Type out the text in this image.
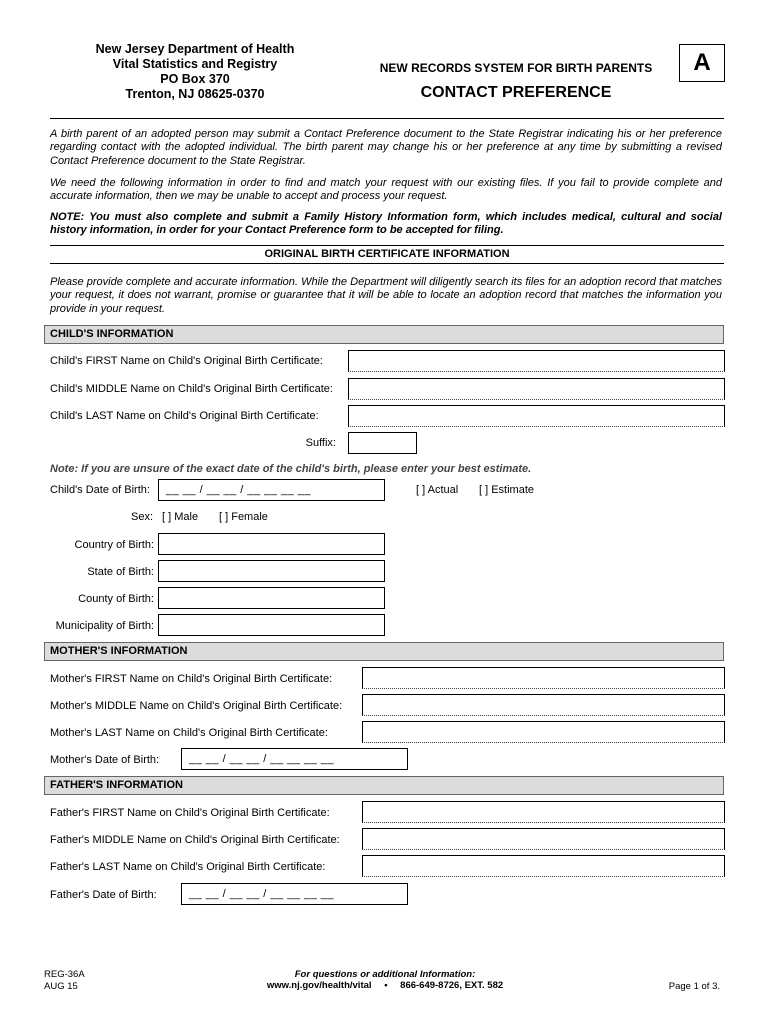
New Jersey Department of Health
Vital Statistics and Registry
PO Box 370
Trenton, NJ 08625-0370
NEW RECORDS SYSTEM FOR BIRTH PARENTS
CONTACT PREFERENCE
A
A birth parent of an adopted person may submit a Contact Preference document to the State Registrar indicating his or her preference regarding contact with the adopted individual. The birth parent may change his or her preference at any time by submitting a revised Contact Preference document to the State Registrar.
We need the following information in order to find and match your request with our existing files. If you fail to provide complete and accurate information, then we may be unable to accept and process your request.
NOTE: You must also complete and submit a Family History Information form, which includes medical, cultural and social history information, in order for your Contact Preference form to be accepted for filing.
ORIGINAL BIRTH CERTIFICATE INFORMATION
Please provide complete and accurate information. While the Department will diligently search its files for an adoption record that matches your request, it does not warrant, promise or guarantee that it will be able to locate an adoption record that matches the information you provide in your request.
CHILD'S INFORMATION
Child's FIRST Name on Child's Original Birth Certificate:
Child's MIDDLE Name on Child's Original Birth Certificate:
Child's LAST Name on Child's Original Birth Certificate:
Suffix:
Note: If you are unsure of the exact date of the child's birth, please enter your best estimate.
Child's Date of Birth:	__ __ / __ __ / __ __ __ __	[ ] Actual [ ] Estimate
Sex: [ ] Male [ ] Female
Country of Birth:
State of Birth:
County of Birth:
Municipality of Birth:
MOTHER'S INFORMATION
Mother's FIRST Name on Child's Original Birth Certificate:
Mother's MIDDLE Name on Child's Original Birth Certificate:
Mother's LAST Name on Child's Original Birth Certificate:
Mother's Date of Birth:	__ __ / __ __ / __ __ __ __
FATHER'S INFORMATION
Father's FIRST Name on Child's Original Birth Certificate:
Father's MIDDLE Name on Child's Original Birth Certificate:
Father's LAST Name on Child's Original Birth Certificate:
Father's Date of Birth:	__ __ / __ __ / __ __ __ __
REG-36A
AUG 15
For questions or additional Information:
www.nj.gov/health/vital • 866-649-8726, EXT. 582	Page 1 of 3.
